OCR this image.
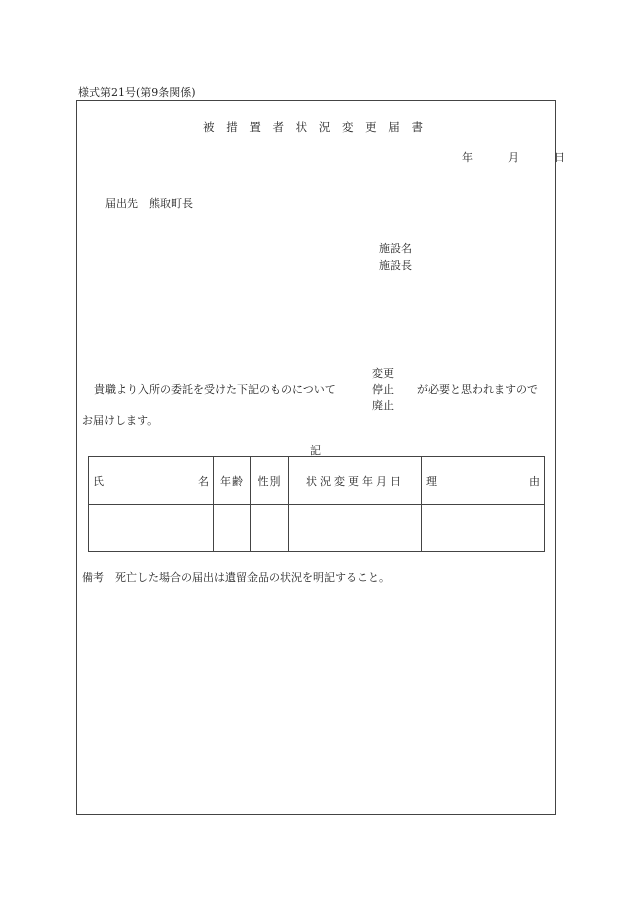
様式第21号(第9条関係)
被 措 置 者 状 況 変 更 届 書
年	月	日
届出先　熊取町長
施設名
施設長
変更
停止
廃止
貴職より入所の委託を受けた下記のものについて	が必要と思われますので
お届けします。
記
氏 名	年齢	性別	状況変更年月日	理 由

備考　死亡した場合の届出は遺留金品の状況を明記すること。
